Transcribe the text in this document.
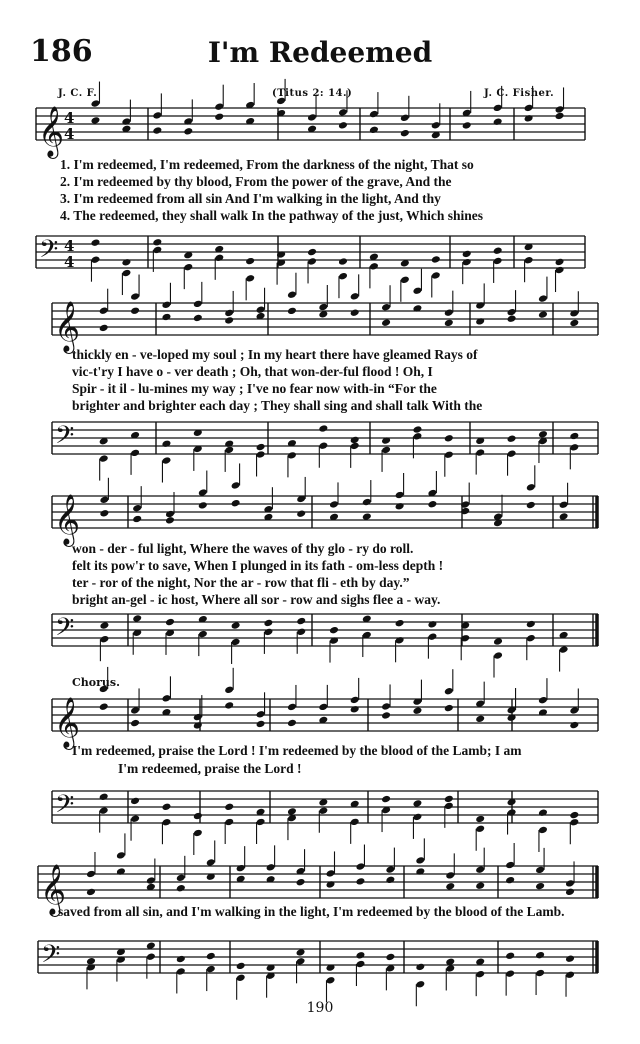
𝄞 4
4
𝄢 4
4
𝄞
𝄢
𝄞
𝄢
𝄞
𝄢
𝄞
𝄢
186	I'm Redeemed
J. C. F.	(Titus 2: 14.)	J. C. Fisher.
1. I'm redeemed, I'm redeemed, From the darkness of the night, That so
2. I'm redeemed by thy blood, From the power of the grave, And the
3. I'm redeemed from all sin And I'm walking in the light, And thy
4. The redeemed, they shall walk In the pathway of the just, Which shines
thickly en - ve-loped my soul ; In my heart there have gleamed Rays of
vic-t'ry I have o - ver death ; Oh, that won-der-ful flood ! Oh, I
Spir - it il - lu-mines my way ; I've no fear now with-in “For the
brighter and brighter each day ; They shall sing and shall talk With the
won - der - ful light, Where the waves of thy glo - ry do roll.
felt its pow'r to save, When I plunged in its fath - om-less depth !
ter - ror of the night, Nor the ar - row that fli - eth by day.”
bright an-gel - ic host, Where all sor - row and sighs flee a - way.
Chorus.
I'm redeemed, praise the Lord ! I'm redeemed by the blood of the Lamb; I am
I'm redeemed, praise the Lord !
saved from all sin, and I'm walking in the light, I'm redeemed by the blood of the Lamb.
190
